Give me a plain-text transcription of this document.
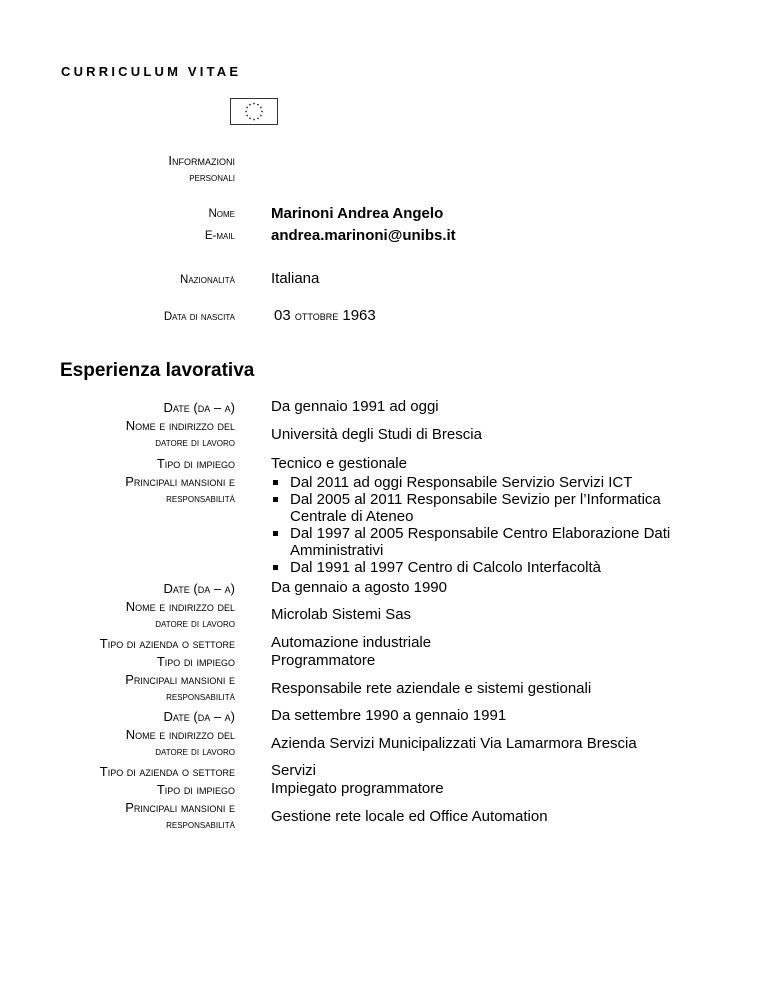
CURRICULUM VITAE
Informazioni
personali
Nome Marinoni Andrea Angelo
E-mail andrea.marinoni@unibs.it
Nazionalità Italiana
Data di nascita	03 ottobre 1963
Esperienza lavorativa
Date (da – a) Da gennaio 1991 ad oggi
Nome e indirizzo del
datore di lavoro Università degli Studi di Brescia
Tipo di impiego Tecnico e gestionale
Principali mansioni e
responsabilità
Dal 2011 ad oggi Responsabile Servizio Servizi ICT
Dal 2005 al 2011 Responsabile Sevizio per l’Informatica Centrale di Ateneo
Dal 1997 al 2005 Responsabile Centro Elaborazione Dati Amministrativi
Dal 1991 al 1997 Centro di Calcolo Interfacoltà
Date (da – a) Da gennaio a agosto 1990
Nome e indirizzo del
datore di lavoro
Microlab Sistemi Sas
Tipo di azienda o settore Automazione industriale
Tipo di impiego Programmatore
Principali mansioni e
responsabilità Responsabile rete aziendale e sistemi gestionali
Date (da – a) Da settembre 1990 a gennaio 1991
Nome e indirizzo del
datore di lavoro Azienda Servizi Municipalizzati Via Lamarmora Brescia
Tipo di azienda o settore Servizi
Tipo di impiego Impiegato programmatore
Principali mansioni e
responsabilità Gestione rete locale ed Office Automation
